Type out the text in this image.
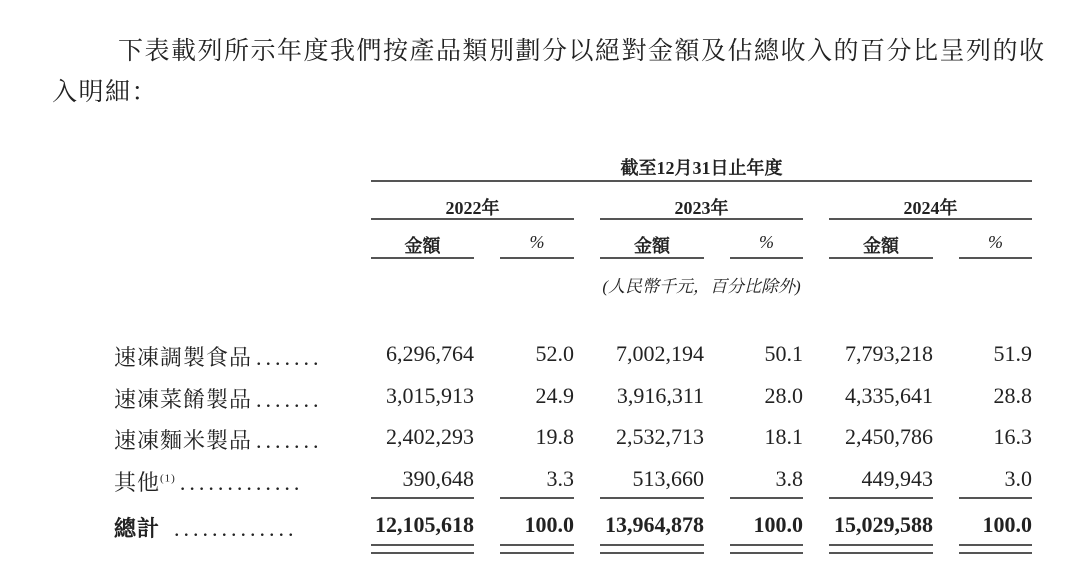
下表載列所示年度我們按產品類別劃分以絕對金額及佔總收入的百分比呈列的收
入明細：
截至12月31日止年度
2022年
金額	%
2023年
金額	%
2024年
金額	%
(人民幣千元，百分比除外)
速凍調製食品 .......	6,296,764	52.0	7,002,194	50.1	7,793,218	51.9
速凍菜餚製品 .......	3,015,913	24.9	3,916,311	28.0	4,335,641	28.8
速凍麵米製品 .......	2,402,293	19.8	2,532,713	18.1	2,450,786	16.3
其他$^{(1)}$ .............	390,648	3.3	513,660	3.8	449,943	3.0
總計 .............	12,105,618	100.0	13,964,878	100.0	15,029,588	100.0
